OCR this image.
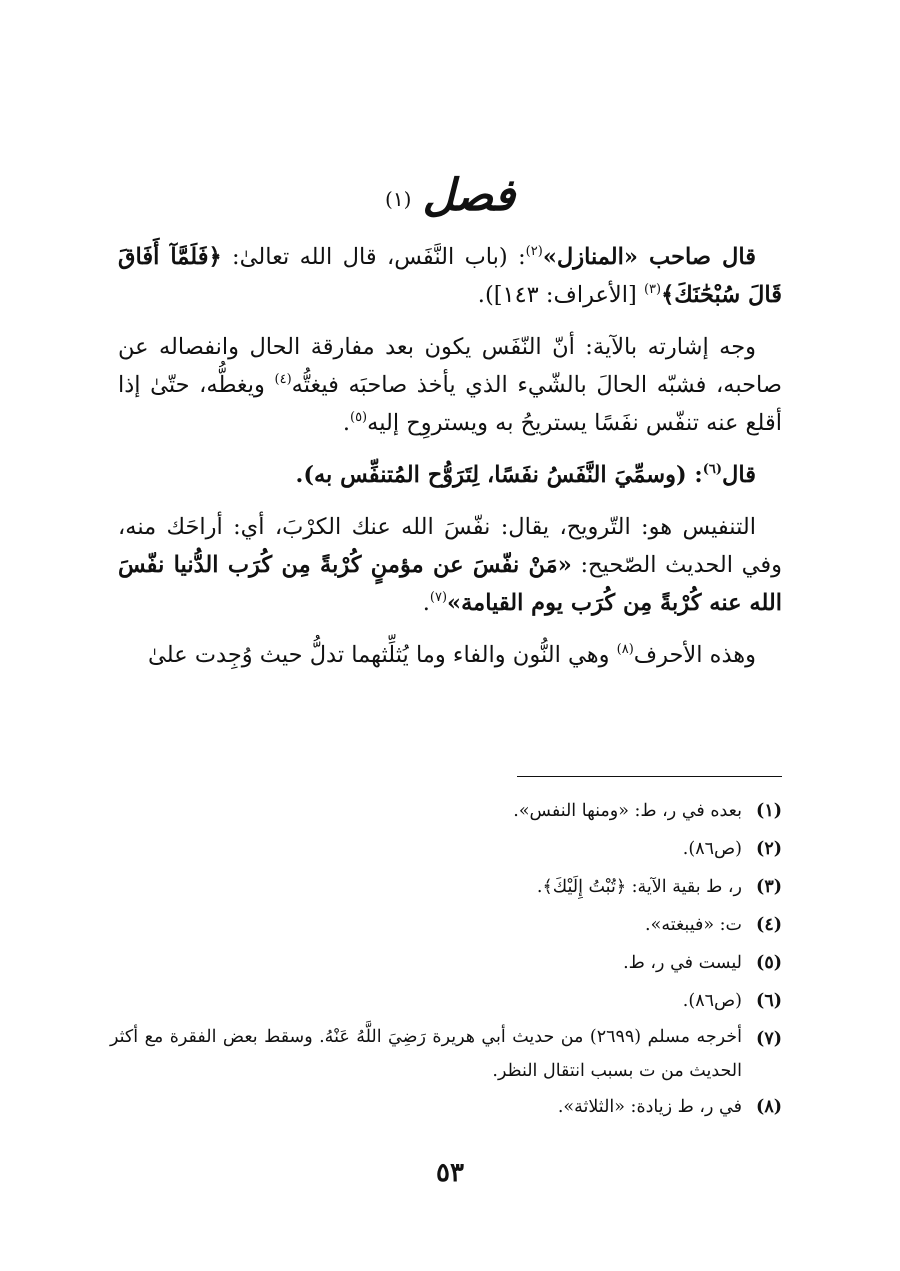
فصل (١)

قال صاحب «المنازل»$^{(٢)}$: (باب النَّفَس، قال الله تعالىٰ: ﴿فَلَمَّآ أَفَاقَ قَالَ سُبْحَٰنَكَ﴾$^{(٣)}$ [الأعراف: ١٤٣]).

وجه إشارته بالآية: أنّ النّفَس يكون بعد مفارقة الحال وانفصاله عن صاحبه، فشبّه الحالَ بالشّيء الذي يأخذ صاحبَه فيغتُّه$^{(٤)}$ ويغطُّه، حتّىٰ إذا أقلع عنه تنفّس نفَسًا يستريحُ به ويستروِح إليه$^{(٥)}$.

قال$^{(٦)}$: (وسمِّيَ النَّفَسُ نفَسًا، لِتَرَوُّح المُتنفِّس به).

التنفيس هو: التّرويح، يقال: نفّسَ الله عنك الكرْبَ، أي: أراحَك منه، وفي الحديث الصّحيح: «مَنْ نفّسَ عن مؤمنٍ كُرْبةً مِن كُرَب الدُّنيا نفّسَ الله عنه كُرْبةً مِن كُرَب يوم القيامة»$^{(٧)}$.

وهذه الأحرف$^{(٨)}$ وهي النُّون والفاء وما يُثلِّثهما تدلُّ حيث وُجِدت علىٰ

(١)
بعده في ر، ط: «ومنها النفس».
(٢)
(ص٨٦).
(٣)
ر، ط بقية الآية: ﴿تُبْتُ إِلَيْكَ﴾.
(٤)
ت: «فيبغته».
(٥)
ليست في ر، ط.
(٦)
(ص٨٦).
(٧)
أخرجه مسلم (٢٦٩٩) من حديث أبي هريرة رَضِيَ اللَّهُ عَنْهُ. وسقط بعض الفقرة مع أكثر الحديث من ت بسبب انتقال النظر.
(٨)
في ر، ط زيادة: «الثلاثة».
٥٣
